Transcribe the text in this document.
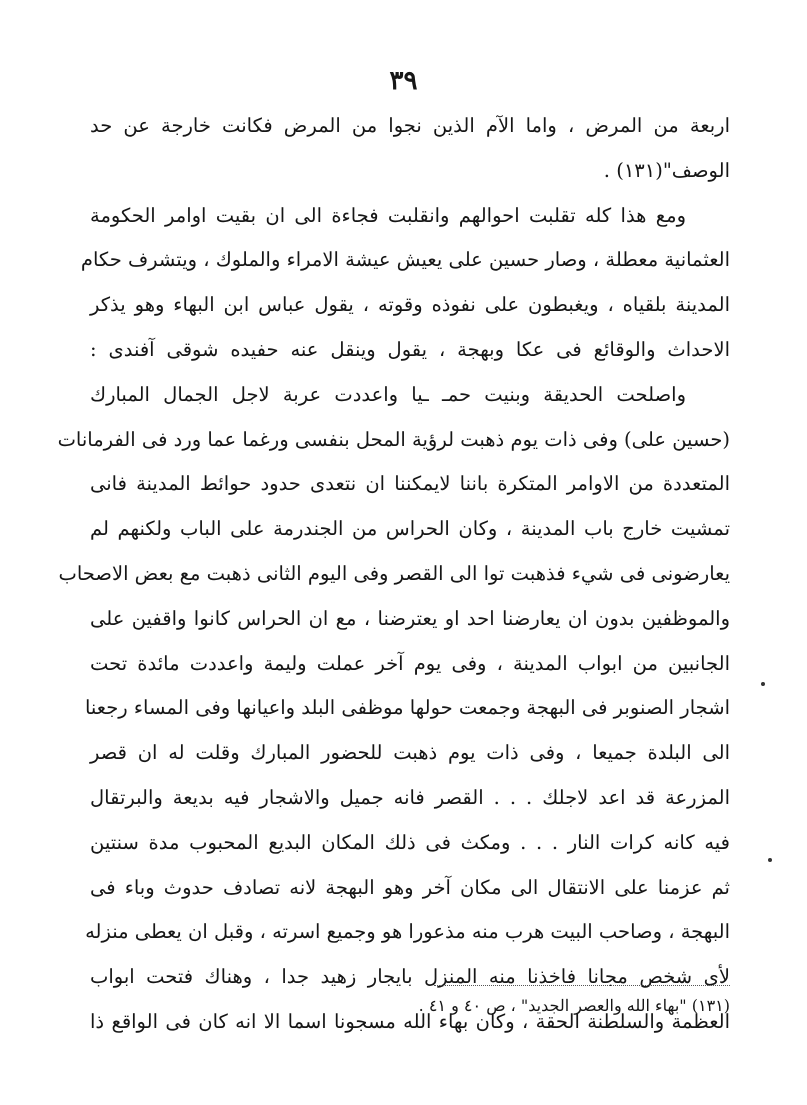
٣٩
اربعة من المرض ، واما الآم الذين نجوا من المرض فكانت خارجة عن حد
الوصف"(١٣١) .
ومع هذا كله تقلبت احوالهم وانقلبت فجاءة الى ان بقيت اوامر الحكومة
العثمانية معطلة ، وصار حسين على يعيش عيشة الامراء والملوك ، ويتشرف حكام
المدينة بلقياه ، ويغبطون على نفوذه وقوته ، يقول عباس ابن البهاء وهو يذكر
الاحداث والوقائع فى عكا وبهجة ، يقول وينقل عنه حفيده شوقى آفندى :
واصلحت الحديقة وبنيت حمـ ـيا واعددت عربة لاجل الجمال المبارك
(حسين على) وفى ذات يوم ذهبت لرؤية المحل بنفسى ورغما عما ورد فى الفرمانات
المتعددة من الاوامر المتكرة باننا لايمكننا ان نتعدى حدود حوائط المدينة فانى
تمشيت خارج باب المدينة ، وكان الحراس من الجندرمة على الباب ولكنهم لم
يعارضونى فى شيء فذهبت توا الى القصر وفى اليوم الثانى ذهبت مع بعض الاصحاب
والموظفين بدون ان يعارضنا احد او يعترضنا ، مع ان الحراس كانوا واقفين على
الجانبين من ابواب المدينة ، وفى يوم آخر عملت وليمة واعددت مائدة تحت
اشجار الصنوبر فى البهجة وجمعت حولها موظفى البلد واعيانها وفى المساء رجعنا
الى البلدة جميعا ، وفى ذات يوم ذهبت للحضور المبارك وقلت له ان قصر
المزرعة قد اعد لاجلك . . . القصر فانه جميل والاشجار فيه بديعة والبرتقال
فيه كانه كرات النار . . . ومكث فى ذلك المكان البديع المحبوب مدة سنتين
ثم عزمنا على الانتقال الى مكان آخر وهو البهجة لانه تصادف حدوث وباء فى
البهجة ، وصاحب البيت هرب منه مذعورا هو وجميع اسرته ، وقبل ان يعطى منزله
لأى شخص مجانا فاخذنا منه المنزل بايجار زهيد جدا ، وهناك فتحت ابواب
العظمة والسلطنة الحقة ، وكان بهاء الله مسجونا اسما الا انه كان فى الواقع ذا
(١٣١) "بهاء الله والعصر الجديد" ، ص ٤٠ و ٤١ .
